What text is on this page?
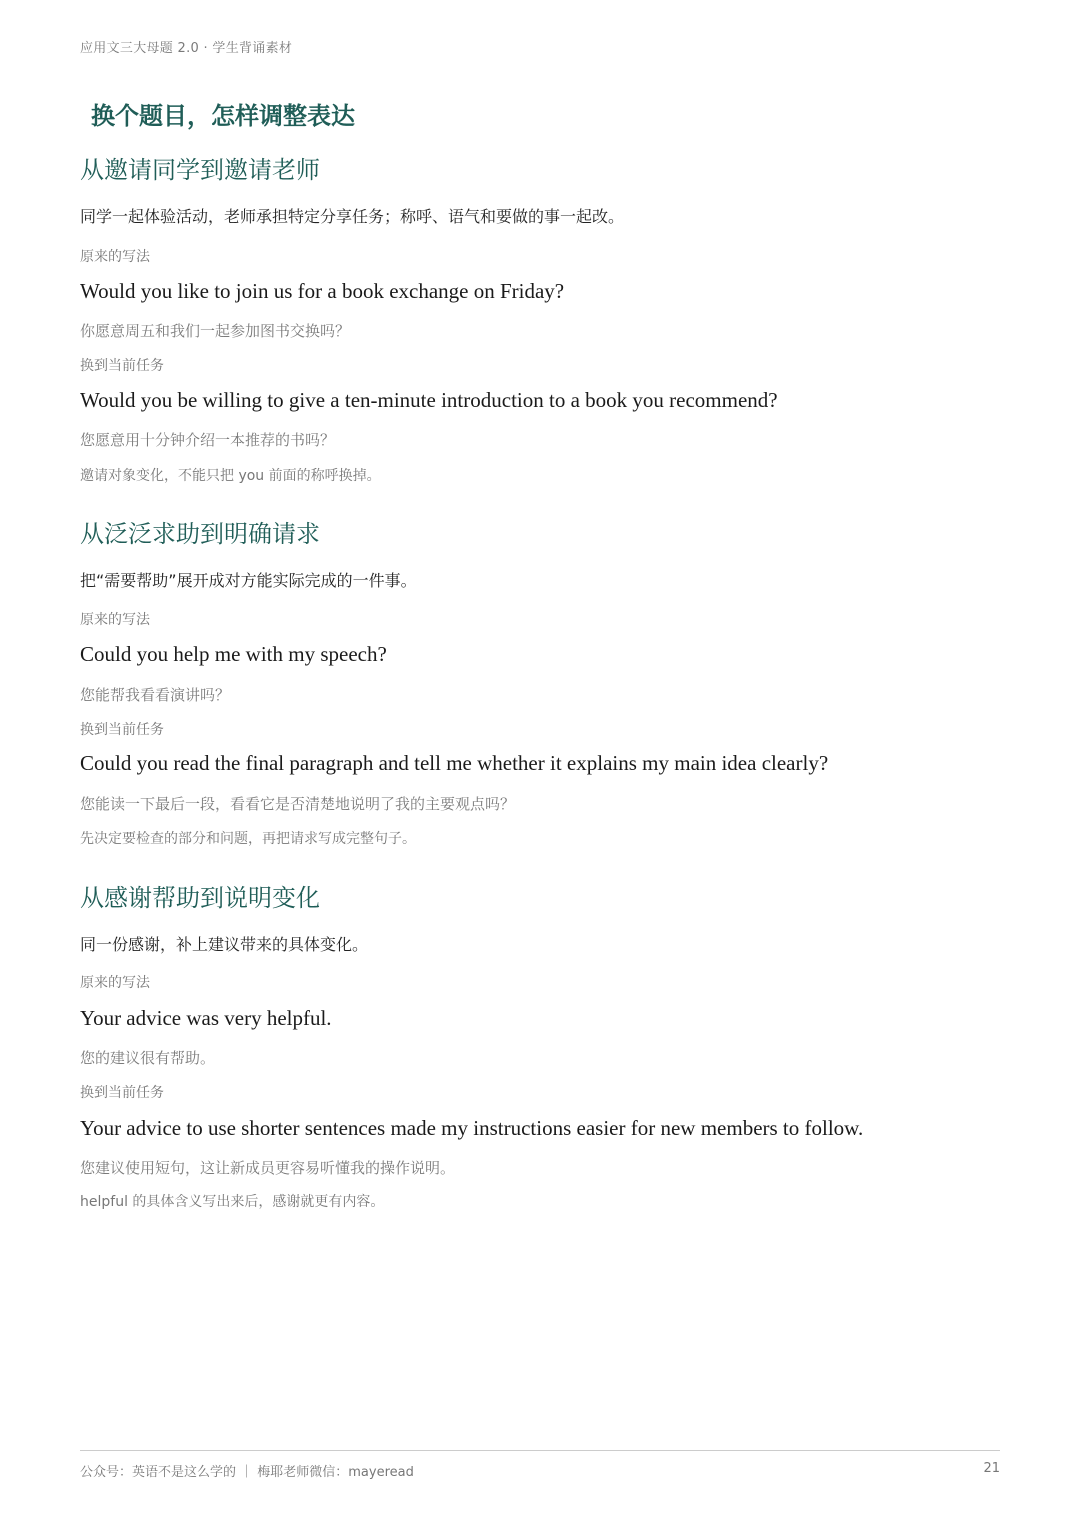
应用文三大母题 2.0 · 学生背诵素材
换个题目，怎样调整表达
从邀请同学到邀请老师
同学一起体验活动，老师承担特定分享任务；称呼、语气和要做的事一起改。
原来的写法
Would you like to join us for a book exchange on Friday?
你愿意周五和我们一起参加图书交换吗？
换到当前任务
Would you be willing to give a ten-minute introduction to a book you recommend?
您愿意用十分钟介绍一本推荐的书吗？
邀请对象变化，不能只把 you 前面的称呼换掉。
从泛泛求助到明确请求
把“需要帮助”展开成对方能实际完成的一件事。
原来的写法
Could you help me with my speech?
您能帮我看看演讲吗？
换到当前任务
Could you read the final paragraph and tell me whether it explains my main idea clearly?
您能读一下最后一段，看看它是否清楚地说明了我的主要观点吗？
先决定要检查的部分和问题，再把请求写成完整句子。
从感谢帮助到说明变化
同一份感谢，补上建议带来的具体变化。
原来的写法
Your advice was very helpful.
您的建议很有帮助。
换到当前任务
Your advice to use shorter sentences made my instructions easier for new members to follow.
您建议使用短句，这让新成员更容易听懂我的操作说明。
helpful 的具体含义写出来后，感谢就更有内容。
公众号：英语不是这么学的 ｜ 梅耶老师微信：mayeread	21
